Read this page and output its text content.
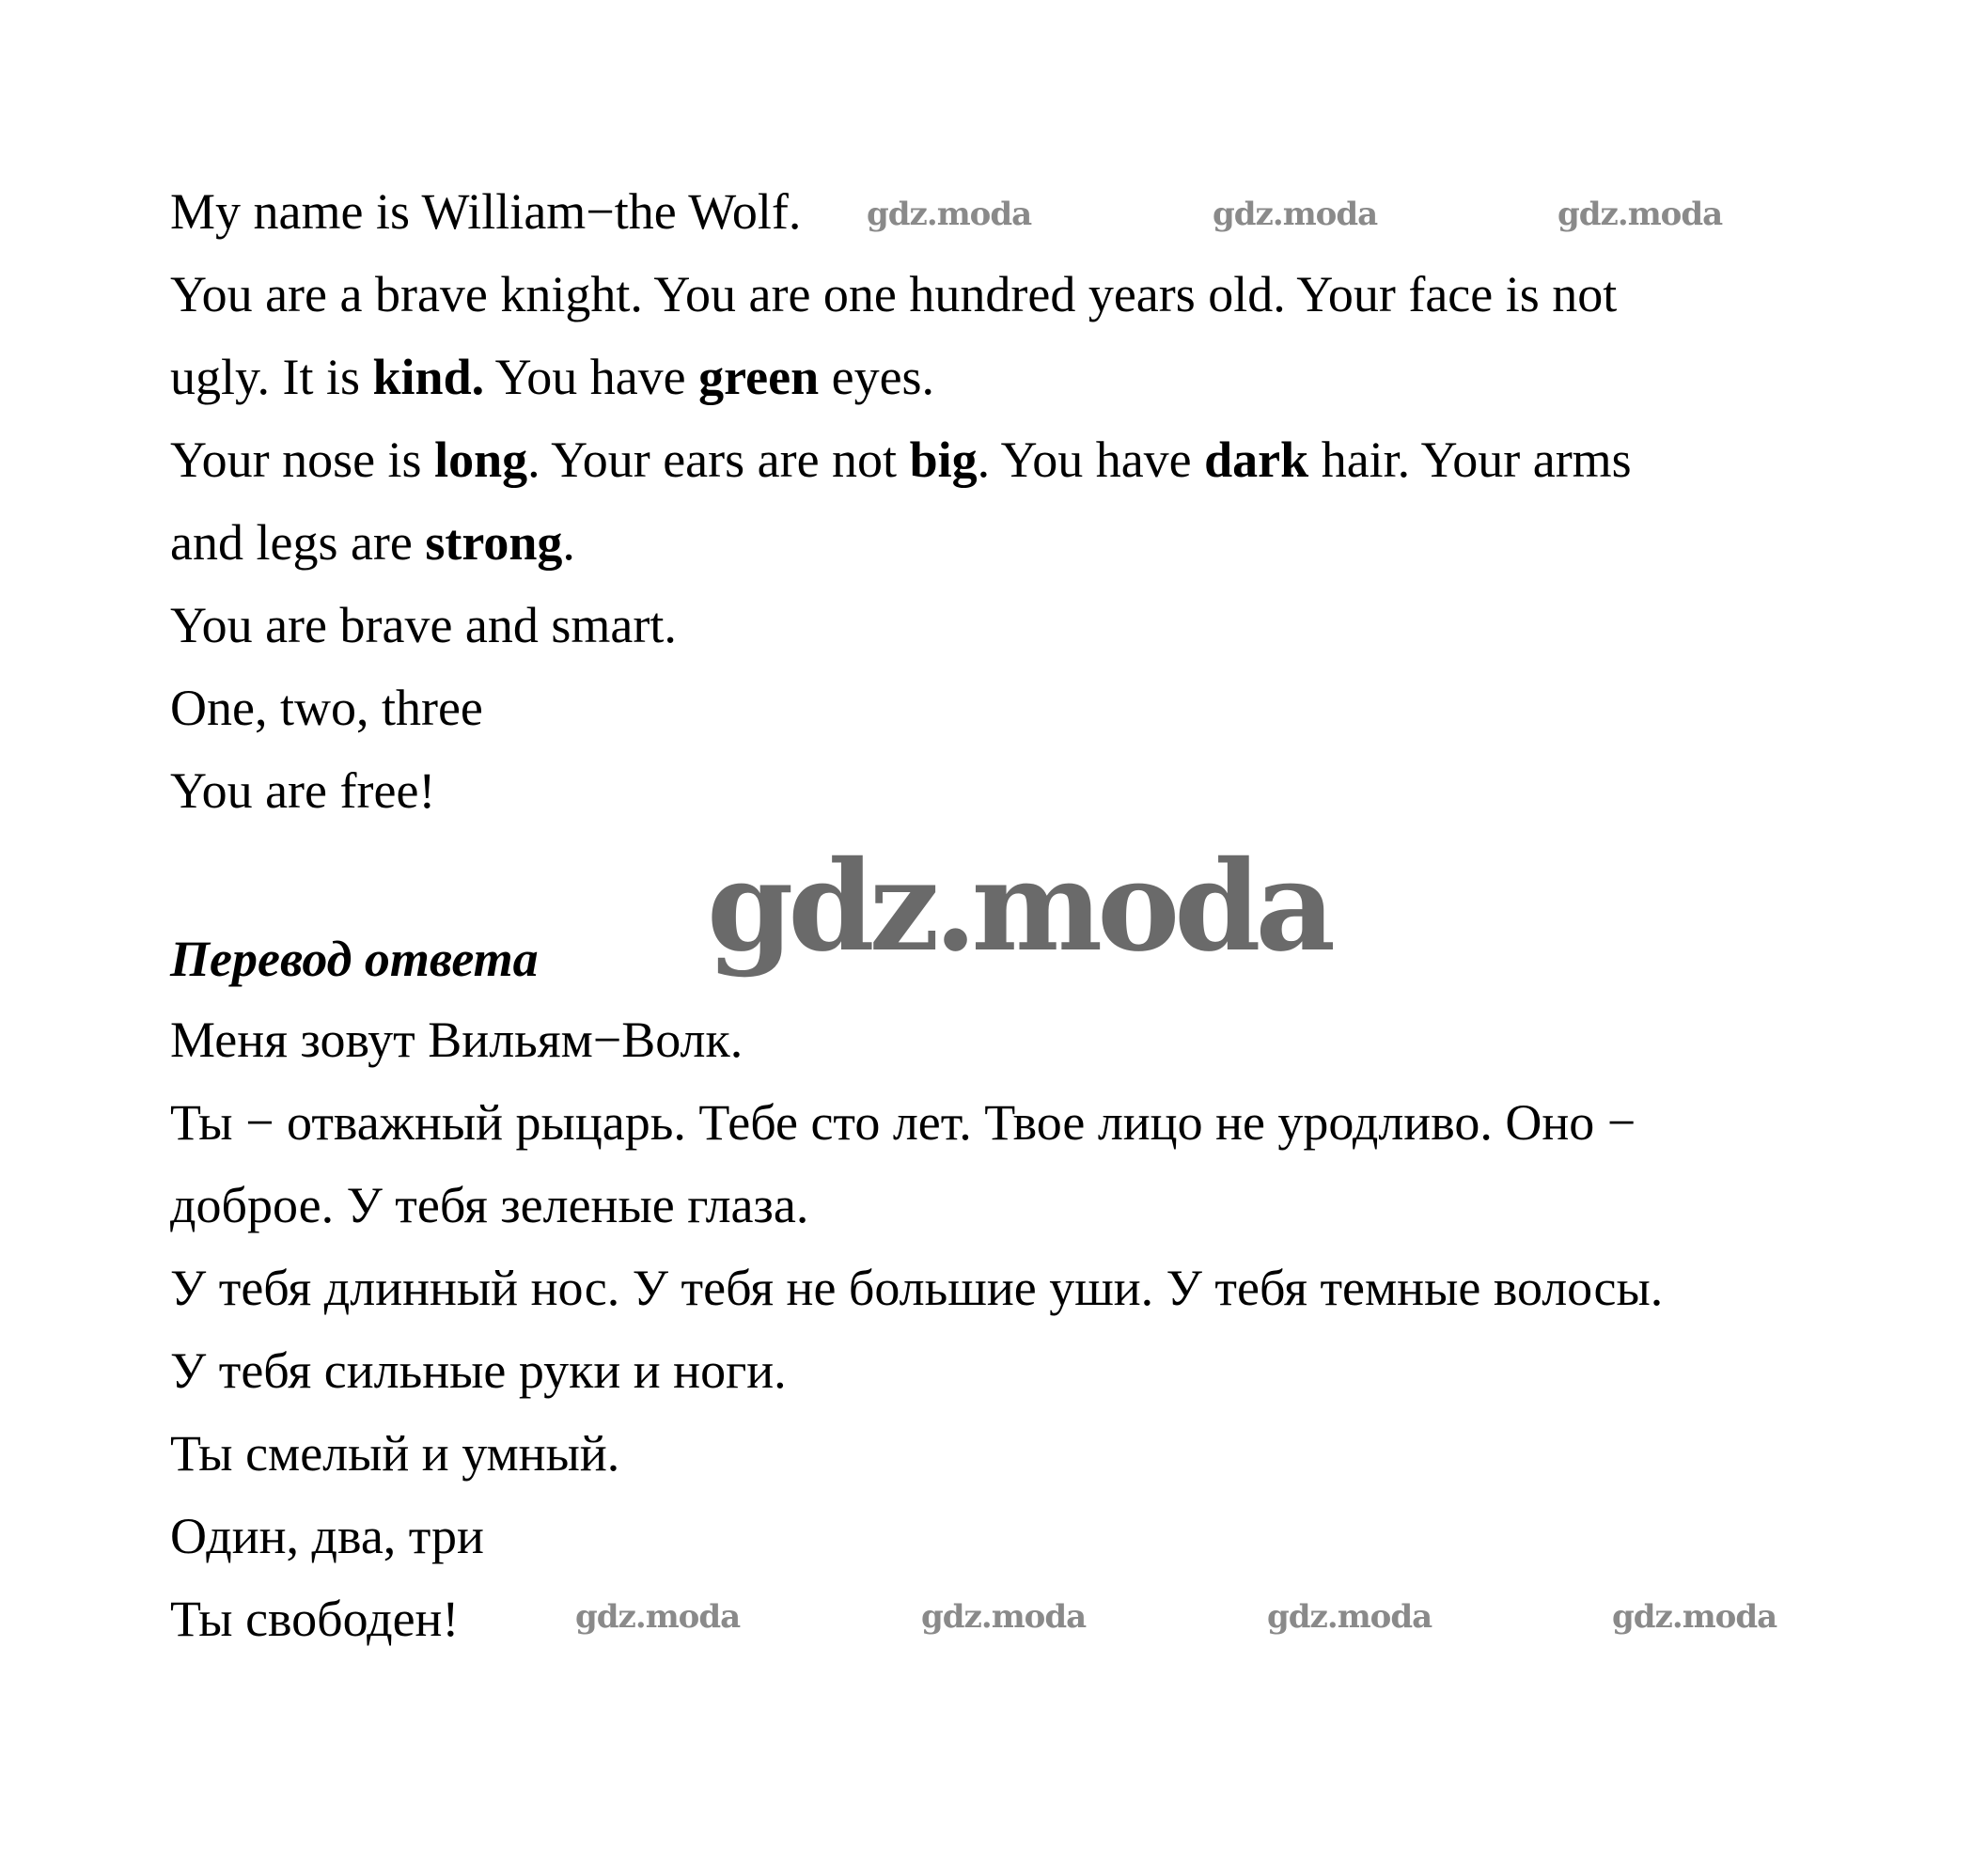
My name is William−the Wolf.
You are a brave knight. You are one hundred years old. Your face is not
ugly. It is kind. You have green eyes.
Your nose is long. Your ears are not big. You have dark hair. Your arms
and legs are strong.
You are brave and smart.
One, two, three
You are free!
Перевод ответа
Меня зовут Вильям−Волк.
Ты − отважный рыцарь. Тебе сто лет. Твое лицо не уродливо. Оно −
доброе. У тебя зеленые глаза.
У тебя длинный нос. У тебя не большие уши. У тебя темные волосы.
У тебя сильные руки и ноги.
Ты смелый и умный.
Один, два, три
Ты свободен!
gdz.moda	gdz.moda	gdz.moda
gdz.moda
gdz.moda	gdz.moda	gdz.moda	gdz.moda
